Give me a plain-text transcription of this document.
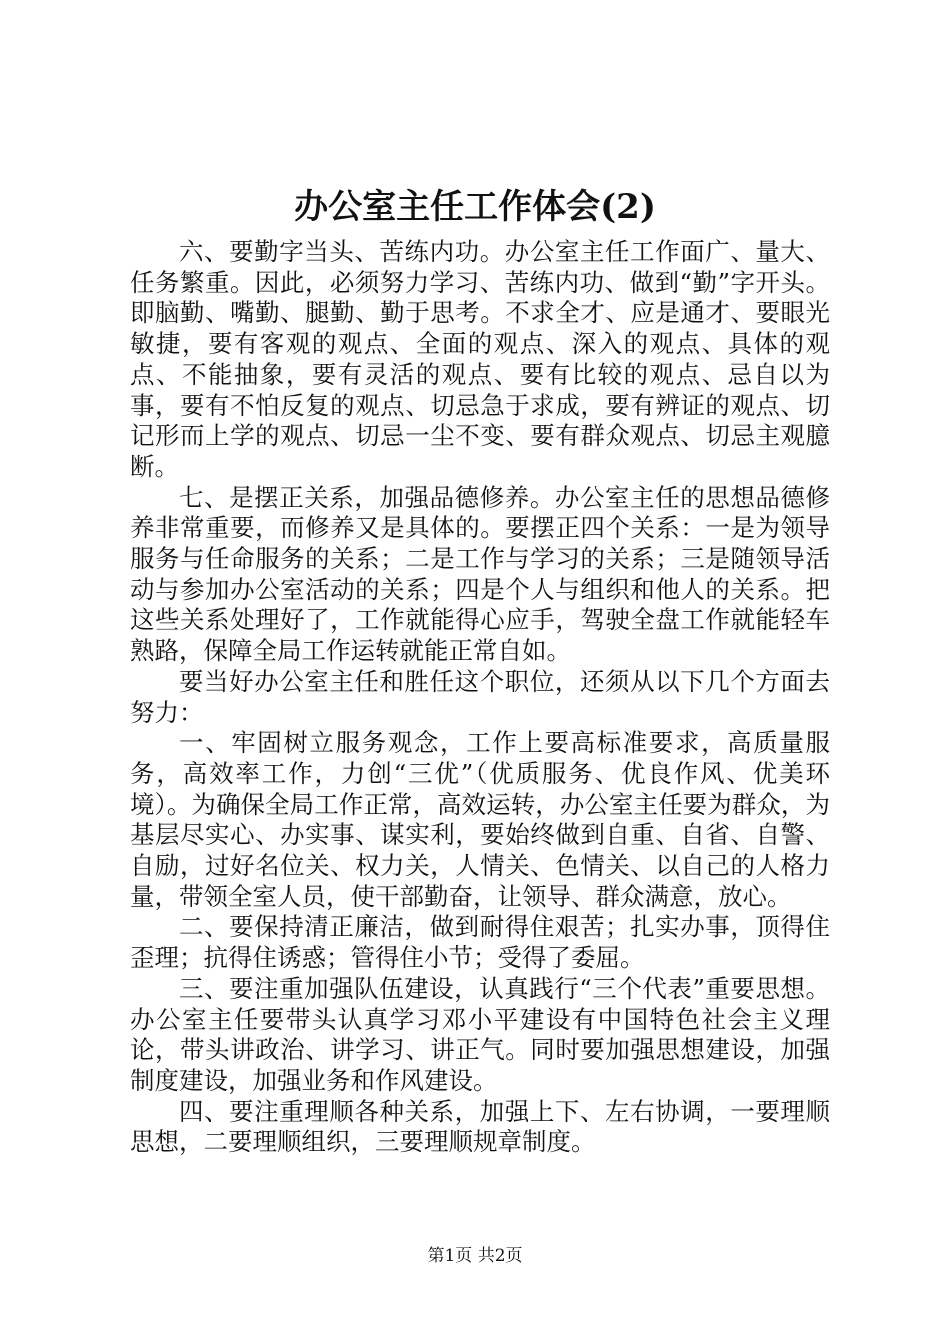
办公室主任工作体会(2)

六、要勤字当头、苦练内功。办公室主任工作面广、量大、任务繁重。因此，必须努力学习、苦练内功、做到“勤”字开头。即脑勤、嘴勤、腿勤、勤于思考。不求全才、应是通才、要眼光敏捷，要有客观的观点、全面的观点、深入的观点、具体的观点、不能抽象，要有灵活的观点、要有比较的观点、忌自以为事，要有不怕反复的观点、切忌急于求成，要有辨证的观点、切记形而上学的观点、切忌一尘不变、要有群众观点、切忌主观臆断。

七、是摆正关系，加强品德修养。办公室主任的思想品德修养非常重要，而修养又是具体的。要摆正四个关系：一是为领导服务与任命服务的关系；二是工作与学习的关系；三是随领导活动与参加办公室活动的关系；四是个人与组织和他人的关系。把这些关系处理好了，工作就能得心应手，驾驶全盘工作就能轻车熟路，保障全局工作运转就能正常自如。

要当好办公室主任和胜任这个职位，还须从以下几个方面去努力：

一、牢固树立服务观念，工作上要高标准要求，高质量服务，高效率工作，力创“三优”（优质服务、优良作风、优美环境）。为确保全局工作正常，高效运转，办公室主任要为群众，为基层尽实心、办实事、谋实利，要始终做到自重、自省、自警、自励，过好名位关、权力关，人情关、色情关、以自己的人格力量，带领全室人员，使干部勤奋，让领导、群众满意，放心。

二、要保持清正廉洁，做到耐得住艰苦；扎实办事，顶得住歪理；抗得住诱惑；管得住小节；受得了委屈。

三、要注重加强队伍建设，认真践行“三个代表”重要思想。办公室主任要带头认真学习邓小平建设有中国特色社会主义理论，带头讲政治、讲学习、讲正气。同时要加强思想建设，加强制度建设，加强业务和作风建设。

四、要注重理顺各种关系，加强上下、左右协调，一要理顺思想，二要理顺组织，三要理顺规章制度。

第1页 共2页
